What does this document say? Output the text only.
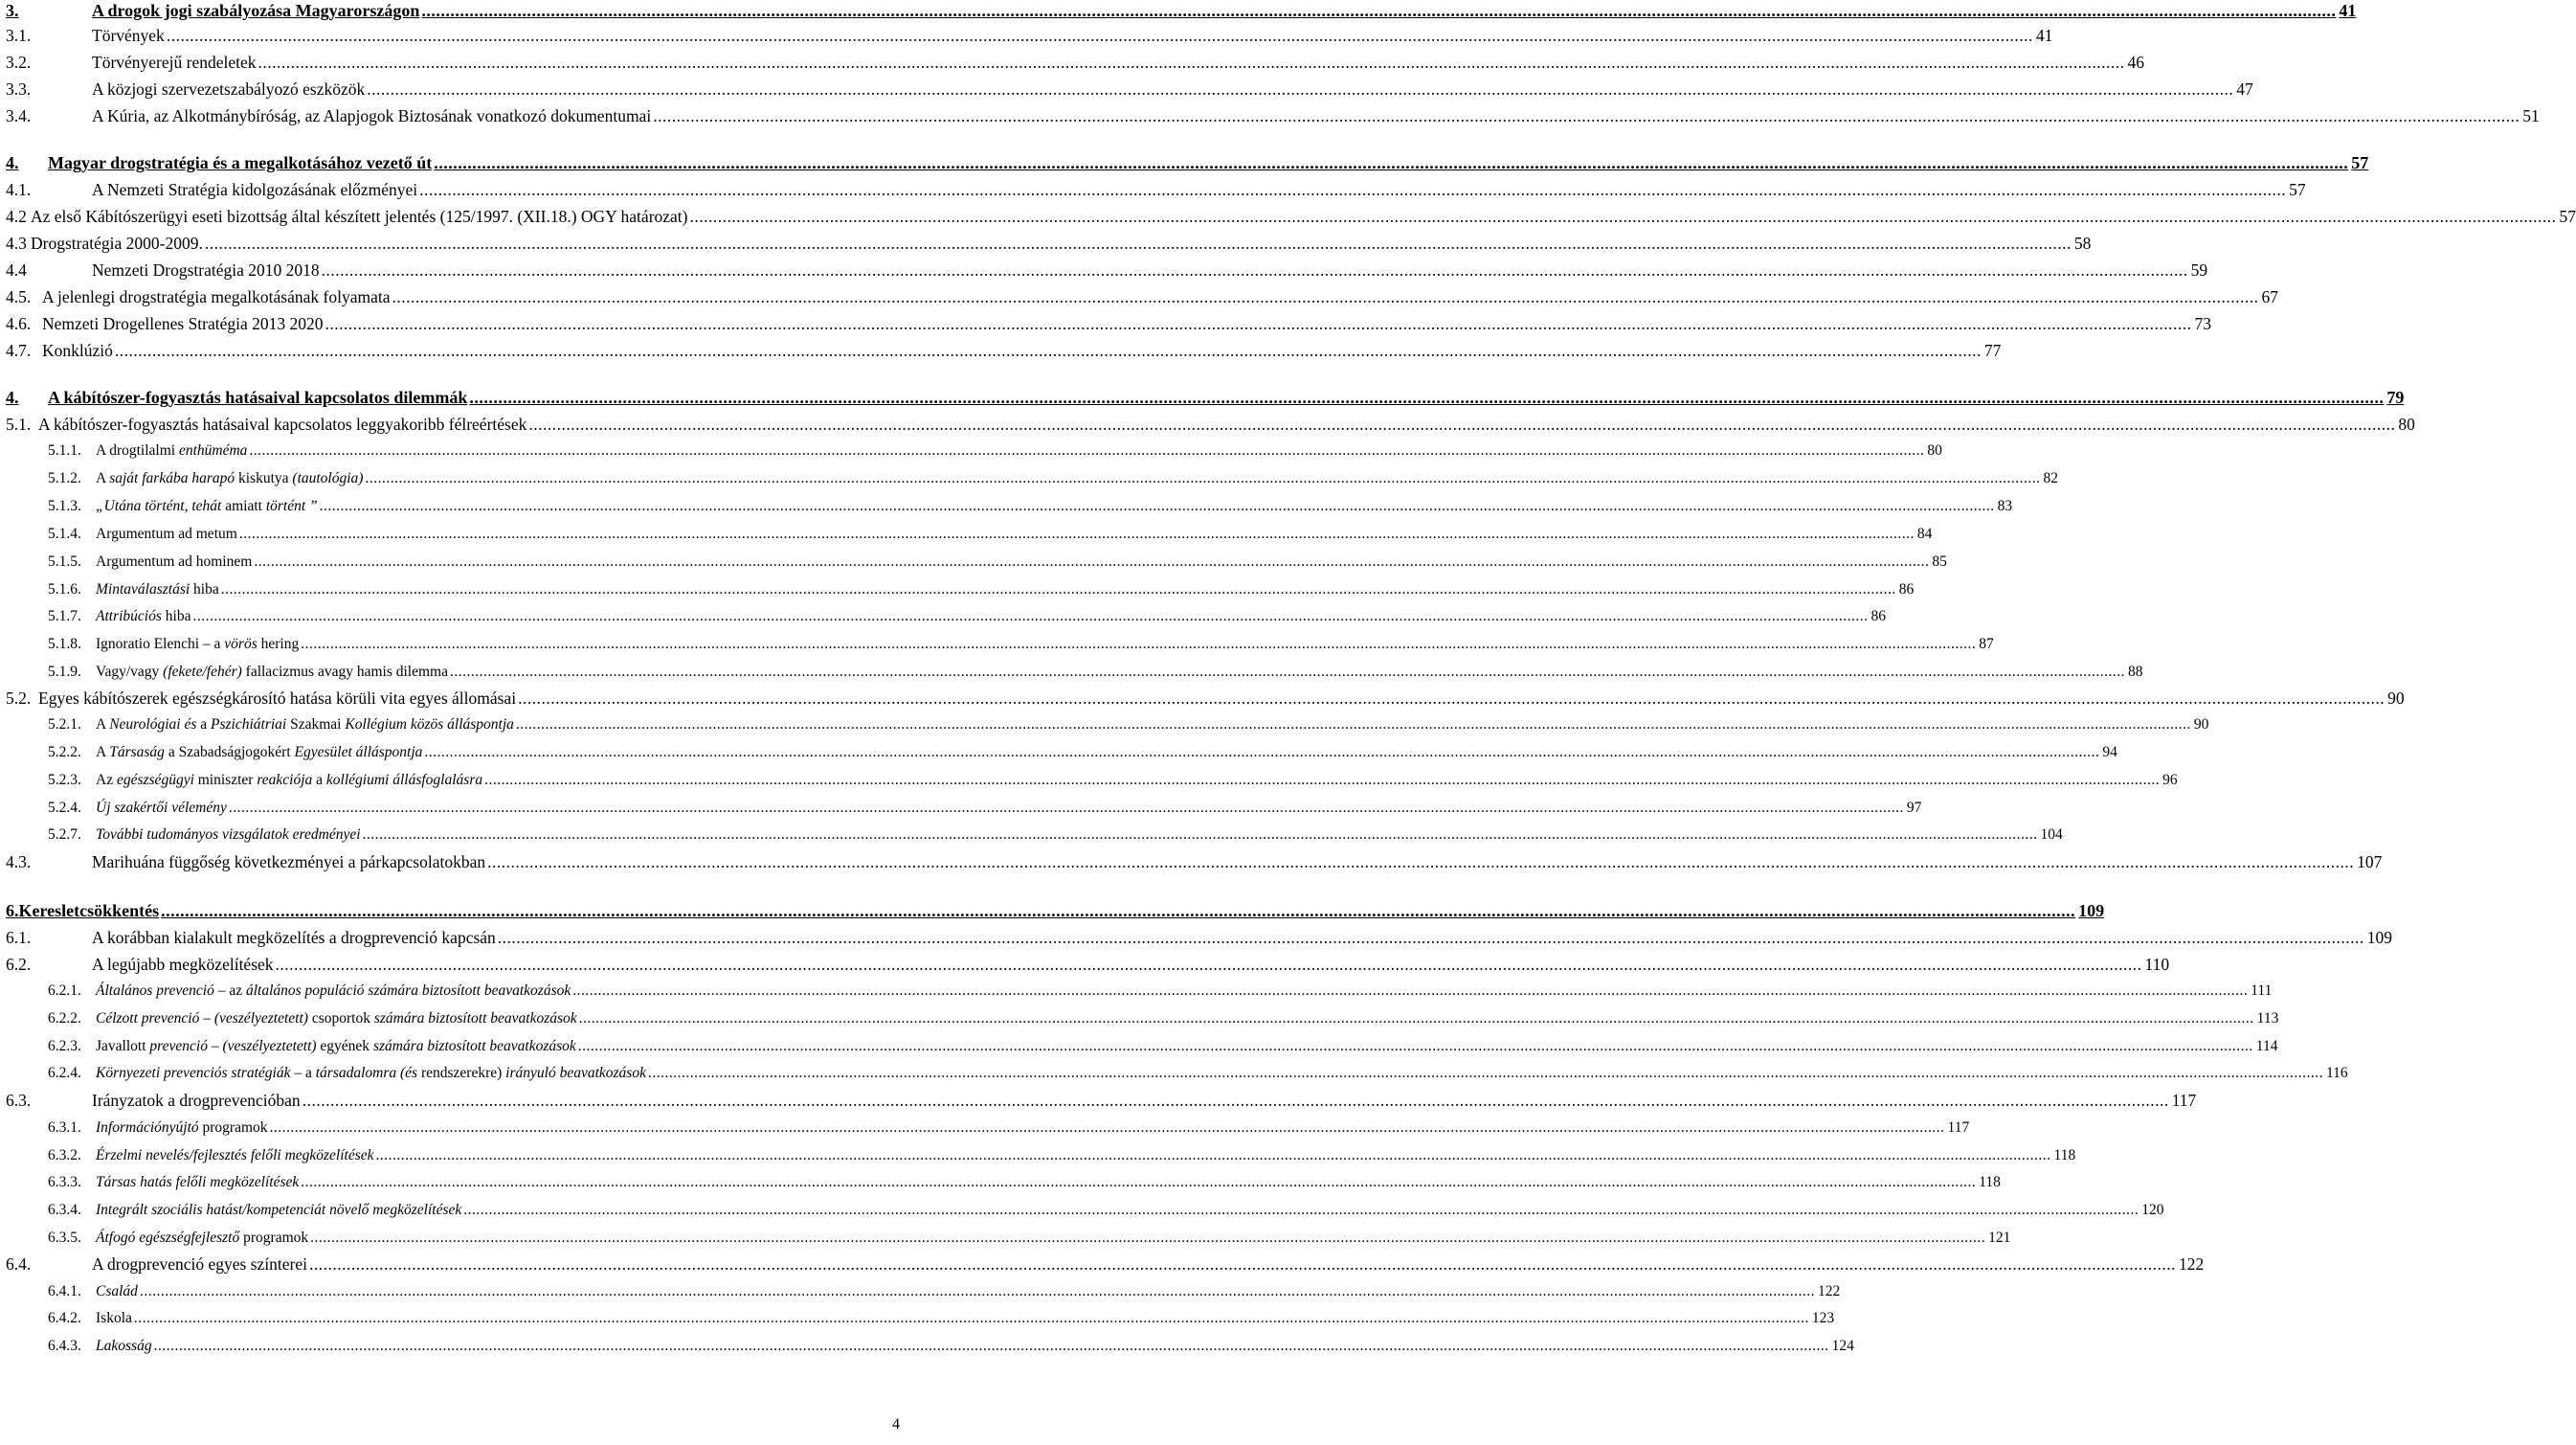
3.	A drogok jogi szabályozása Magyarországon ................................................................................................................................................................................................................................................................................................................................................................................................................ 41
3.1.	Törvények ................................................................................................................................................................................................................................................................................................................................................................................................................ 41
3.2.	Törvényerejű rendeletek ................................................................................................................................................................................................................................................................................................................................................................................................................ 46
3.3.	A közjogi szervezetszabályozó eszközök ................................................................................................................................................................................................................................................................................................................................................................................................................ 47
3.4.	A Kúria, az Alkotmánybíróság, az Alapjogok Biztosának vonatkozó dokumentumai ................................................................................................................................................................................................................................................................................................................................................................................................................ 51
4.	Magyar drogstratégia és a megalkotásához vezető út ................................................................................................................................................................................................................................................................................................................................................................................................................ 57
4.1.	A Nemzeti Stratégia kidolgozásának előzményei ................................................................................................................................................................................................................................................................................................................................................................................................................ 57
4.2 Az első Kábítószerügyi eseti bizottság által készített jelentés (125/1997. (XII.18.) OGY határozat) ................................................................................................................................................................................................................................................................................................................................................................................................................ 57
4.3 Drogstratégia 2000-2009. ................................................................................................................................................................................................................................................................................................................................................................................................................ 58
4.4	Nemzeti Drogstratégia 2010 2018 ................................................................................................................................................................................................................................................................................................................................................................................................................ 59
4.5. A jelenlegi drogstratégia megalkotásának folyamata ................................................................................................................................................................................................................................................................................................................................................................................................................ 67
4.6. Nemzeti Drogellenes Stratégia 2013 2020 ................................................................................................................................................................................................................................................................................................................................................................................................................ 73
4.7. Konklúzió ................................................................................................................................................................................................................................................................................................................................................................................................................ 77
4.	A kábítószer-fogyasztás hatásaival kapcsolatos dilemmák ................................................................................................................................................................................................................................................................................................................................................................................................................ 79
5.1. A kábítószer-fogyasztás hatásaival kapcsolatos leggyakoribb félreértések ................................................................................................................................................................................................................................................................................................................................................................................................................ 80
5.1.1. A drogtilalmi enthüméma ................................................................................................................................................................................................................................................................................................................................................................................................................ 80
5.1.2. A saját farkába harapó kiskutya (tautológia) ................................................................................................................................................................................................................................................................................................................................................................................................................ 82
5.1.3. „Utána történt, tehát amiatt történt ” ................................................................................................................................................................................................................................................................................................................................................................................................................ 83
5.1.4. Argumentum ad metum ................................................................................................................................................................................................................................................................................................................................................................................................................ 84
5.1.5. Argumentum ad hominem ................................................................................................................................................................................................................................................................................................................................................................................................................ 85
5.1.6. Mintaválasztási hiba ................................................................................................................................................................................................................................................................................................................................................................................................................ 86
5.1.7. Attribúciós hiba ................................................................................................................................................................................................................................................................................................................................................................................................................ 86
5.1.8. Ignoratio Elenchi – a vörös hering ................................................................................................................................................................................................................................................................................................................................................................................................................ 87
5.1.9. Vagy/vagy (fekete/fehér) fallacizmus avagy hamis dilemma ................................................................................................................................................................................................................................................................................................................................................................................................................ 88
5.2. Egyes kábítószerek egészségkárosító hatása körüli vita egyes állomásai ................................................................................................................................................................................................................................................................................................................................................................................................................ 90
5.2.1. A Neurológiai és a Pszichiátriai Szakmai Kollégium közös álláspontja ................................................................................................................................................................................................................................................................................................................................................................................................................ 90
5.2.2. A Társaság a Szabadságjogokért Egyesület álláspontja ................................................................................................................................................................................................................................................................................................................................................................................................................ 94
5.2.3. Az egészségügyi miniszter reakciója a kollégiumi állásfoglalásra ................................................................................................................................................................................................................................................................................................................................................................................................................ 96
5.2.4. Új szakértői vélemény ................................................................................................................................................................................................................................................................................................................................................................................................................ 97
5.2.7. További tudományos vizsgálatok eredményei ................................................................................................................................................................................................................................................................................................................................................................................................................ 104
4.3.	Marihuána függőség következményei a párkapcsolatokban ................................................................................................................................................................................................................................................................................................................................................................................................................ 107
6. Keresletcsökkentés ................................................................................................................................................................................................................................................................................................................................................................................................................ 109
6.1.	A korábban kialakult megközelítés a drogprevenció kapcsán ................................................................................................................................................................................................................................................................................................................................................................................................................ 109
6.2.	A legújabb megközelítések ................................................................................................................................................................................................................................................................................................................................................................................................................ 110
6.2.1. Általános prevenció – az általános populáció számára biztosított beavatkozások ................................................................................................................................................................................................................................................................................................................................................................................................................ 111
6.2.2. Célzott prevenció – (veszélyeztetett) csoportok számára biztosított beavatkozások ................................................................................................................................................................................................................................................................................................................................................................................................................ 113
6.2.3. Javallott prevenció – (veszélyeztetett) egyének számára biztosított beavatkozások ................................................................................................................................................................................................................................................................................................................................................................................................................ 114
6.2.4. Környezeti prevenciós stratégiák – a társadalomra (és rendszerekre) irányuló beavatkozások ................................................................................................................................................................................................................................................................................................................................................................................................................ 116
6.3.	Irányzatok a drogprevencióban ................................................................................................................................................................................................................................................................................................................................................................................................................ 117
6.3.1. Információnyújtó programok ................................................................................................................................................................................................................................................................................................................................................................................................................ 117
6.3.2. Érzelmi nevelés/fejlesztés felőli megközelítések ................................................................................................................................................................................................................................................................................................................................................................................................................ 118
6.3.3. Társas hatás felőli megközelítések ................................................................................................................................................................................................................................................................................................................................................................................................................ 118
6.3.4. Integrált szociális hatást/kompetenciát növelő megközelítések ................................................................................................................................................................................................................................................................................................................................................................................................................ 120
6.3.5. Átfogó egészségfejlesztő programok ................................................................................................................................................................................................................................................................................................................................................................................................................ 121
6.4.	A drogprevenció egyes színterei ................................................................................................................................................................................................................................................................................................................................................................................................................ 122
6.4.1. Család ................................................................................................................................................................................................................................................................................................................................................................................................................ 122
6.4.2. Iskola ................................................................................................................................................................................................................................................................................................................................................................................................................ 123
6.4.3. Lakosság ................................................................................................................................................................................................................................................................................................................................................................................................................ 124
4
